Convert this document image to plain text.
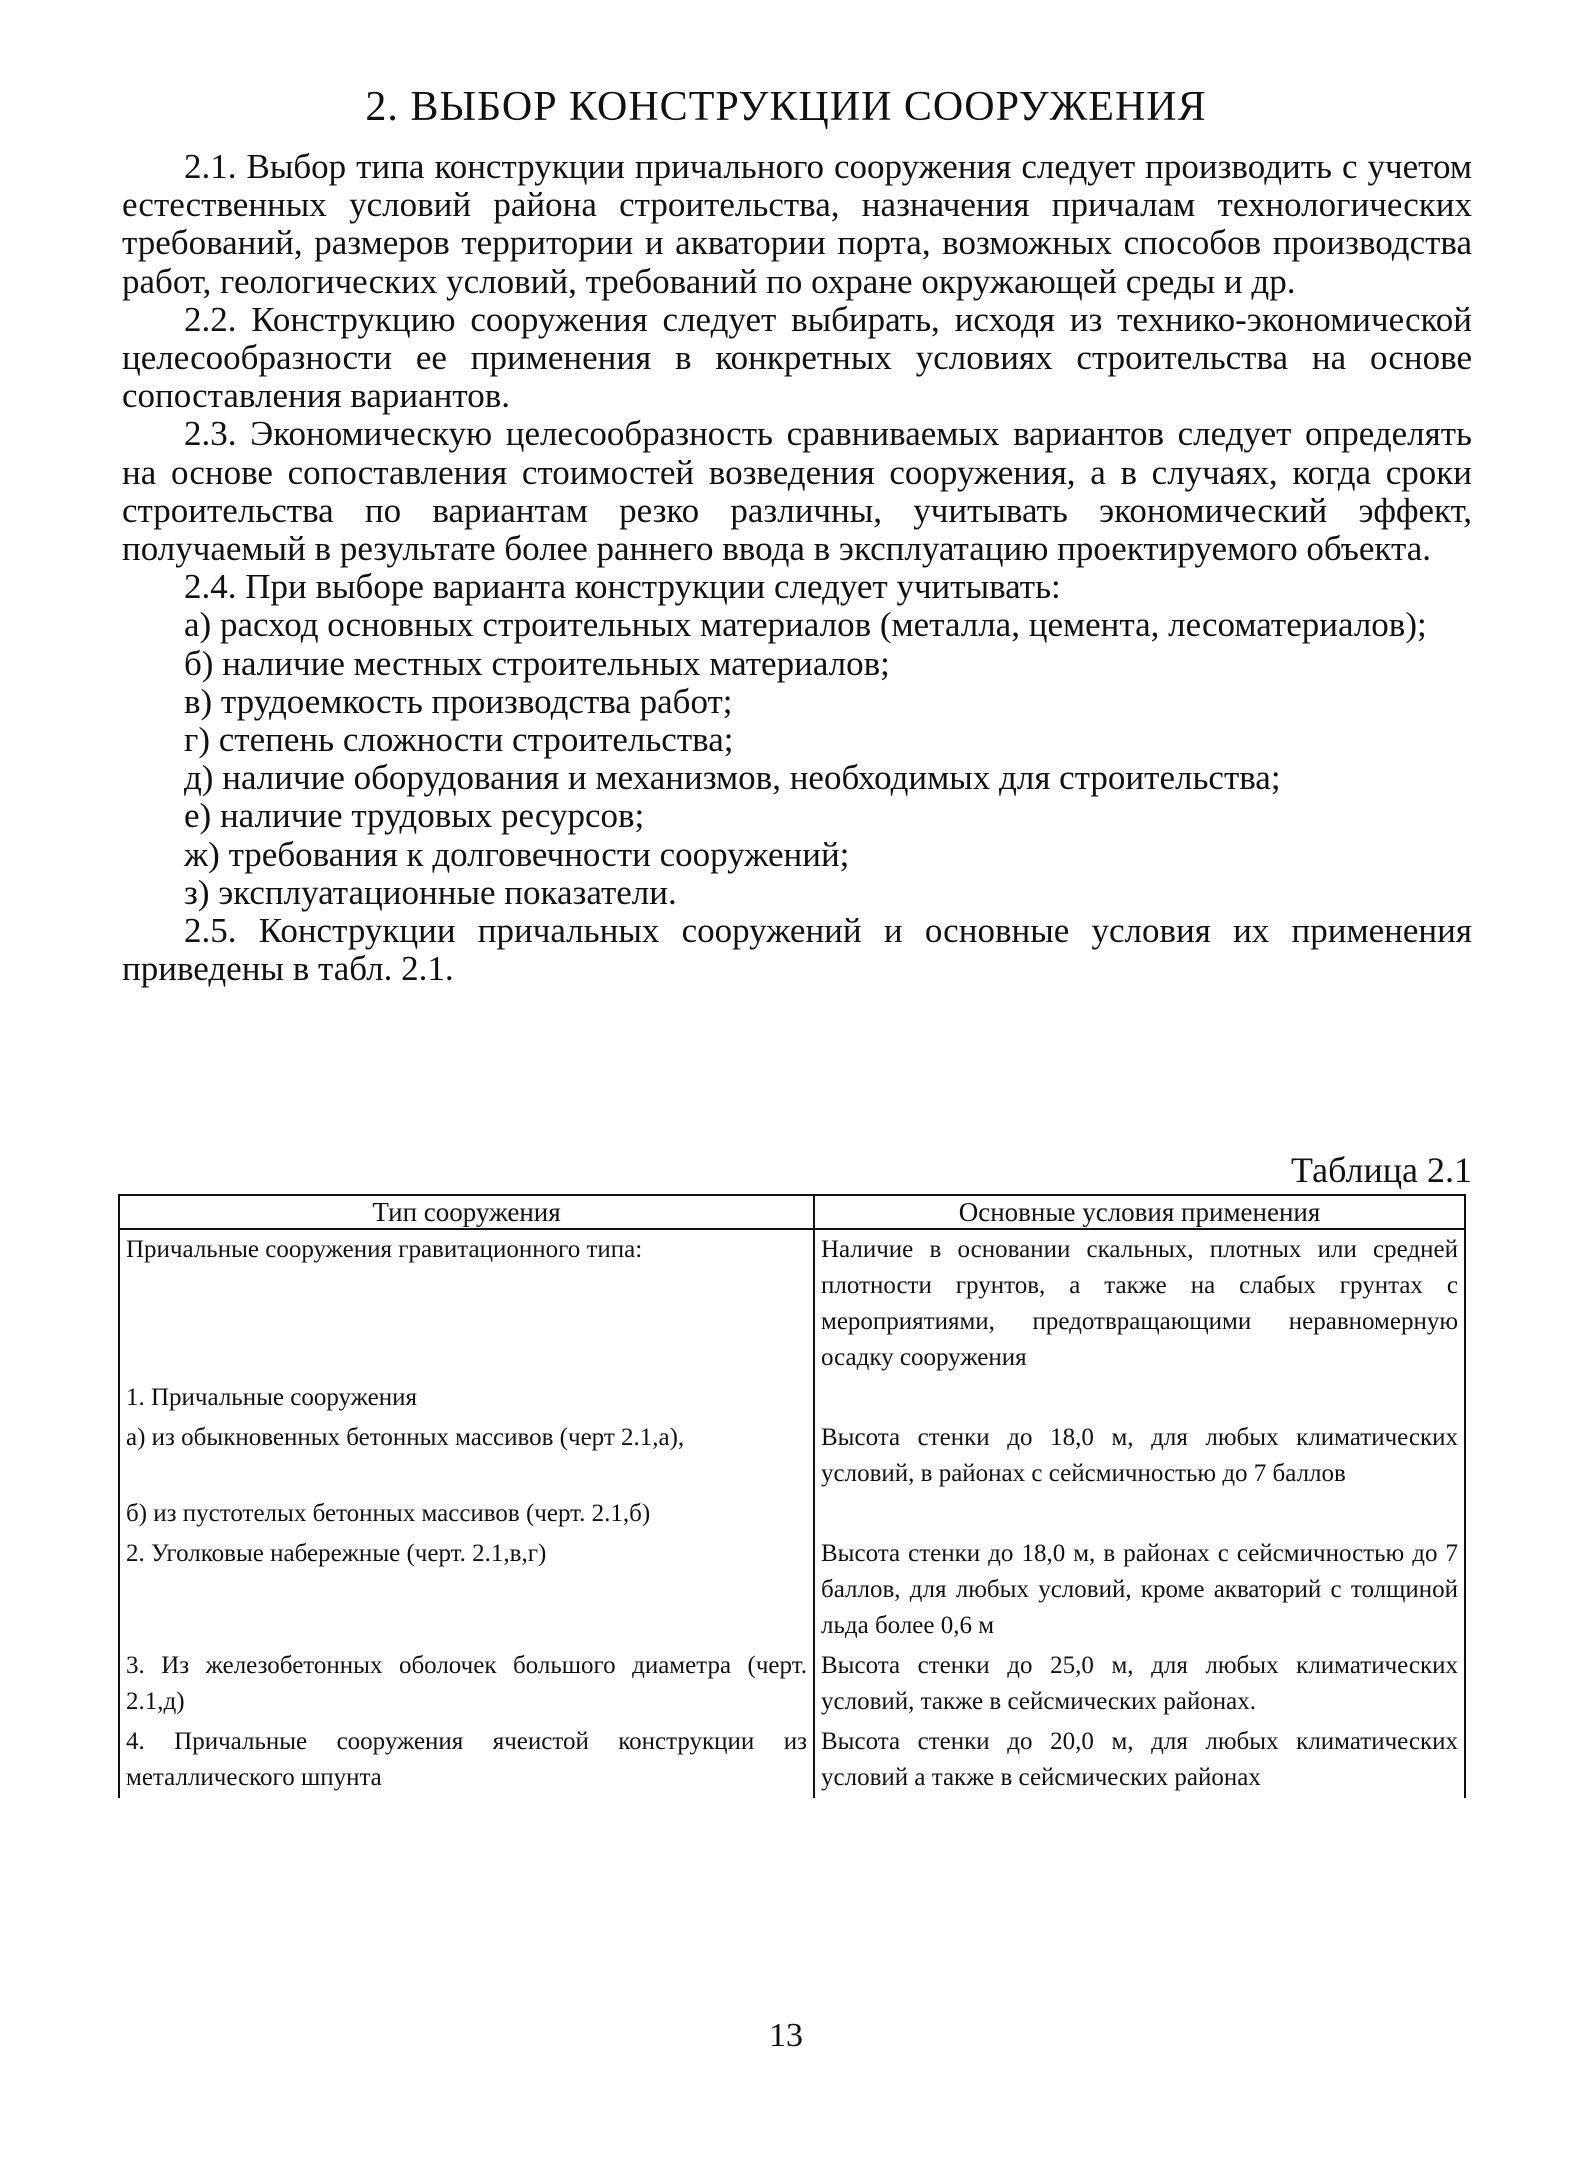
2. ВЫБОР КОНСТРУКЦИИ СООРУЖЕНИЯ

2.1. Выбор типа конструкции причального сооружения следует производить с учетом естественных условий района строительства, назначения причалам технологических требований, размеров территории и акватории порта, возможных способов производства работ, геологических условий, требований по охране окружающей среды и др.

2.2. Конструкцию сооружения следует выбирать, исходя из технико-экономической целесообразности ее применения в конкретных условиях строительства на основе сопоставления вариантов.

2.3. Экономическую целесообразность сравниваемых вариантов следует определять на основе сопоставления стоимостей возведения сооружения, а в случаях, когда сроки строительства по вариантам резко различны, учитывать экономический эффект, получаемый в результате более раннего ввода в эксплуатацию проектируемого объекта.

2.4. При выборе варианта конструкции следует учитывать:

а) расход основных строительных материалов (металла, цемента, лесоматериалов);

б) наличие местных строительных материалов;

в) трудоемкость производства работ;

г) степень сложности строительства;

д) наличие оборудования и механизмов, необходимых для строительства;

е) наличие трудовых ресурсов;

ж) требования к долговечности сооружений;

з) эксплуатационные показатели.

2.5. Конструкции причальных сооружений и основные условия их применения приведены в табл. 2.1.

Таблица 2.1
Тип сооружения	Основные условия применения
Причальные сооружения гравитационного типа:	Наличие в основании скальных, плотных или средней плотности грунтов, а также на слабых грунтах с мероприятиями, предотвращающими неравномерную осадку сооружения
1. Причальные сооружения	
а) из обыкновенных бетонных массивов (черт 2.1,а),	Высота стенки до 18,0 м, для любых климатических условий, в районах с сейсмичностью до 7 баллов
б) из пустотелых бетонных массивов (черт. 2.1,б)	
2. Уголковые набережные (черт. 2.1,в,г)	Высота стенки до 18,0 м, в районах с сейсмичностью до 7 баллов, для любых условий, кроме акваторий с толщиной льда более 0,6 м
3. Из железобетонных оболочек большого диаметра (черт. 2.1,д)	Высота стенки до 25,0 м, для любых климатических условий, также в сейсмических районах.
4. Причальные сооружения ячеистой конструкции из металлического шпунта	Высота стенки до 20,0 м, для любых климатических условий а также в сейсмических районах
13
